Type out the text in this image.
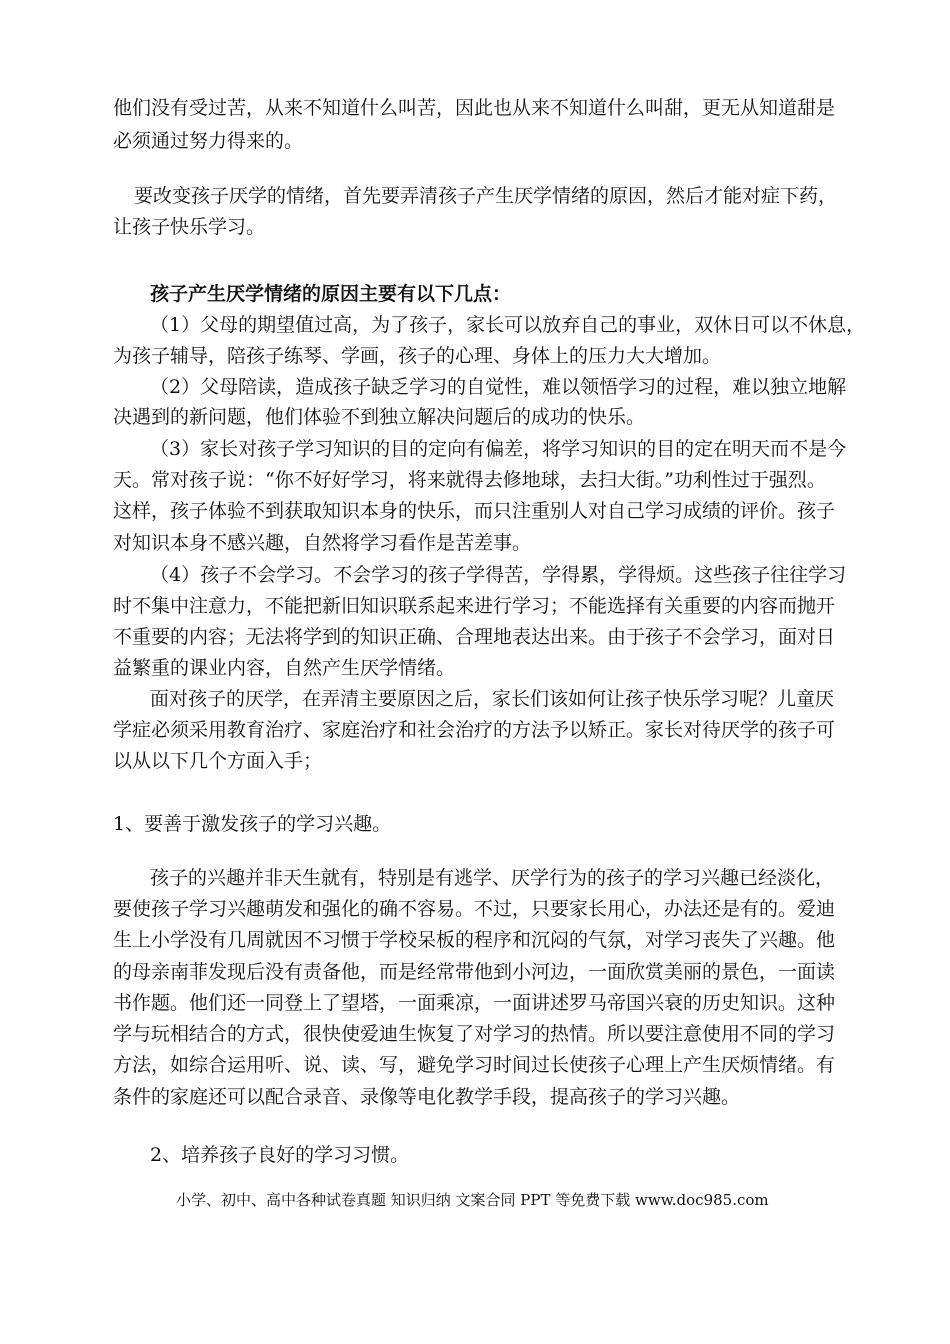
他们没有受过苦，从来不知道什么叫苦，因此也从来不知道什么叫甜，更无从知道甜是
必须通过努力得来的。
要改变孩子厌学的情绪，首先要弄清孩子产生厌学情绪的原因，然后才能对症下药，
让孩子快乐学习。
孩子产生厌学情绪的原因主要有以下几点：
（1）父母的期望值过高，为了孩子，家长可以放弃自己的事业，双休日可以不休息，
为孩子辅导，陪孩子练琴、学画，孩子的心理、身体上的压力大大增加。
（2）父母陪读，造成孩子缺乏学习的自觉性，难以领悟学习的过程，难以独立地解
决遇到的新问题，他们体验不到独立解决问题后的成功的快乐。
（3）家长对孩子学习知识的目的定向有偏差，将学习知识的目的定在明天而不是今
天。常对孩子说：“你不好好学习，将来就得去修地球，去扫大街。”功利性过于强烈。
这样，孩子体验不到获取知识本身的快乐，而只注重别人对自己学习成绩的评价。孩子
对知识本身不感兴趣，自然将学习看作是苦差事。
（4）孩子不会学习。不会学习的孩子学得苦，学得累，学得烦。这些孩子往往学习
时不集中注意力，不能把新旧知识联系起来进行学习；不能选择有关重要的内容而抛开
不重要的内容；无法将学到的知识正确、合理地表达出来。由于孩子不会学习，面对日
益繁重的课业内容，自然产生厌学情绪。
面对孩子的厌学，在弄清主要原因之后，家长们该如何让孩子快乐学习呢？儿童厌
学症必须采用教育治疗、家庭治疗和社会治疗的方法予以矫正。家长对待厌学的孩子可
以从以下几个方面入手；
1、要善于激发孩子的学习兴趣。
孩子的兴趣并非天生就有，特别是有逃学、厌学行为的孩子的学习兴趣已经淡化，
要使孩子学习兴趣萌发和强化的确不容易。不过，只要家长用心，办法还是有的。爱迪
生上小学没有几周就因不习惯于学校呆板的程序和沉闷的气氛，对学习丧失了兴趣。他
的母亲南菲发现后没有责备他，而是经常带他到小河边，一面欣赏美丽的景色，一面读
书作题。他们还一同登上了望塔，一面乘凉，一面讲述罗马帝国兴衰的历史知识。这种
学与玩相结合的方式，很快使爱迪生恢复了对学习的热情。所以要注意使用不同的学习
方法，如综合运用听、说、读、写，避免学习时间过长使孩子心理上产生厌烦情绪。有
条件的家庭还可以配合录音、录像等电化教学手段，提高孩子的学习兴趣。
2、培养孩子良好的学习习惯。
小学、初中、高中各种试卷真题 知识归纳 文案合同 PPT 等免费下载 www.doc985.com
